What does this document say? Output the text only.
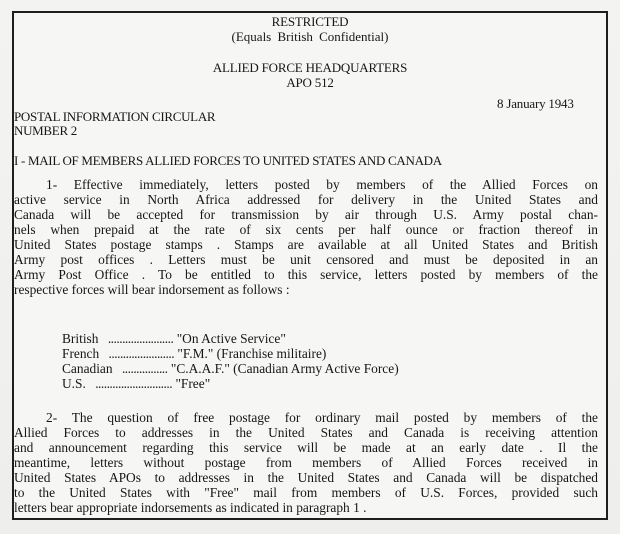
RESTRICTED
(Equals British Confidential)
ALLIED FORCE HEADQUARTERS
APO 512
8 January 1943
POSTAL INFORMATION CIRCULAR
NUMBER 2
I - MAIL OF MEMBERS ALLIED FORCES TO UNITED STATES AND CANADA
1- Effective immediately, letters posted by members of the Allied Forces on
active service in North Africa addressed for delivery in the United States and
Canada will be accepted for transmission by air through U.S. Army postal chan-
nels when prepaid at the rate of six cents per half ounce or fraction thereof in
United States postage stamps . Stamps are available at all United States and British
Army post offices . Letters must be unit censored and must be deposited in an
Army Post Office . To be entitled to this service, letters posted by members of the
respective forces will bear indorsement as follows :
British ....................... "On Active Service"
French ....................... "F.M." (Franchise militaire)
Canadian ................ "C.A.A.F." (Canadian Army Active Force)
U.S. ........................... "Free"
2- The question of free postage for ordinary mail posted by members of the
Allied Forces to addresses in the United States and Canada is receiving attention
and announcement regarding this service will be made at an early date . Il the
meantime, letters without postage from members of Allied Forces received in
United States APOs to addresses in the United States and Canada will be dispatched
to the United States with "Free" mail from members of U.S. Forces, provided such
letters bear appropriate indorsements as indicated in paragraph 1 .
